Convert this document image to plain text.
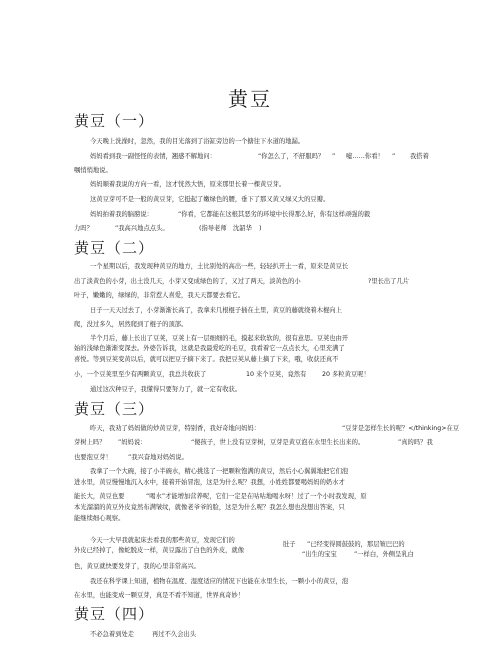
黄豆
黄豆（一）
今天晚上洗澡时，忽然，我的目光落到了浴缸旁边的一个搪往下水道的地漏。
妈妈看到我一副怪怪的表情，翘感不解地问：	“你怎么了，不舒服吗？ ” 嘘……你看！ ” 我搭着
嘱悄悄地说。
妈妈顺着我说的方向一看，这才恍然大悟，原来那里长着一棵黄豆芽。
这黄豆芽可不是一般的黄豆芽，它挺起了嫩绿色的腰，垂下了那又黄又绿又大的豆瓣。
妈妈拍着我的脑膀说：	“你看，它都能在这根其恶劣的环境中长得那么好，你有这样顽强的毅
力吗？	”我高兴地点点头。	(指导老师 沈韶华 )
黄豆（二）
一个星期以后，我发现种黄豆的地方，土比别处的高出一些，轻轻扒开土一看，原来是黄豆长
出了淡黄色的小芽，出土没几天，小芽又变成绿色的了，又过了两天，淡黄色的小	?里长出了几片
叶子，嫩嫩的，绿绿的，非常惹人喜爱，我天天都要去看它。
日子一天天过去了，小芽渐渐长高了，我拿来几根棍子插在土里，黄豆的藤就绕着木棍向上
爬，没过多久，居然爬到了棍子的顶部。
半个月后，藤上长出了豆荚，豆荚上有一层细细的毛，摸起来软软的，很有意思。豆荚也由开
始的浅绿色渐渐变深去。外婆告诉我，这就是我最爱吃的毛豆，我看着它一点点长大，心里充满了
喜悦。等到豆荚变黄以后，就可以把豆子摘下来了。我把豆荚从藤上摘了下来，哦，收获还真不
小，一个豆荚里至少有两颗黄豆，我总共收获了	10 来个豆荚，竟然有 20 多粒黄豆呢！
通过这次种豆子，我懂得只要努力了，就一定有收获。
黄豆（三）
昨天，我劝了妈妈做的炒黄豆芽，特别香，我好奇地问妈妈：	“豆芽是怎样生长的呢？</thinking>在豆
芽树上吗？ ”妈妈说：	“傻孩子，世上没有豆芽树，豆芽是黄豆泡在水里生长出来的。	”真的吗？我
也要泡豆芽！	”我兴奋地对妈妈说。
我拿了一个大碗，接了小半碗水，精心挑选了一把颗粒饱满的黄豆，然后小心翼翼地把它们泡
进水里，黄豆慢慢地沉入水中，接着开始冒泡，这是为什么呢？我想，小姓姓都要喝妈妈的奶水才
能长大，黄豆也要	“喝水”才能增加营养呢，它们一定是在咕咕地喝水呀！过了一个小时我发现，原
本光溜溜的黄豆外皮竟然布满皱纹，就像老爷爷的脸，这是为什么呢？我怎么想也没想出答案，只
能继续细心观察。
今天一大早我就起床去看我的那些黄豆，发现它们的
外皮已经掉了，像蛇脱皮一样，黄豆露出了白色的外皮，就像
肚子 ”已经变得圆鼓鼓的，那层皱巴巴的
“出生的宝宝	”一样白，外侧呈乳白
色，黄豆就快要发芽了，我的心里非常高兴。
我还在科学课上知道，植物在温度、湿度适应的情况下也能在水里生长，一颗小小的黄豆，泡
在水里，也能变成一颗豆芽，真是不看不知道，世界真奇妙！
黄豆（四）
不必急着到处走	再过不久会出头
